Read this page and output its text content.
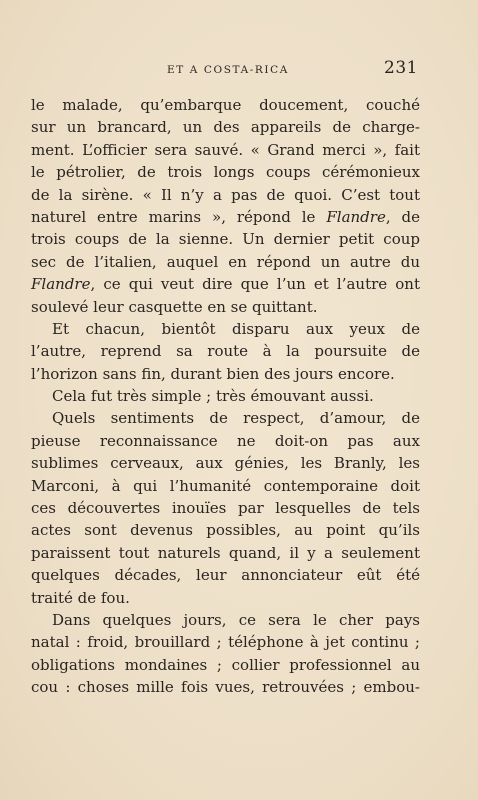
ET A COSTA-RICA	231
le malade, qu’embarque doucement, couché
sur un brancard, un des appareils de charge-
ment. L’officier sera sauvé. « Grand merci », fait
le pétrolier, de trois longs coups cérémonieux
de la sirène. « Il n’y a pas de quoi. C’est tout
naturel entre marins », répond le Flandre, de
trois coups de la sienne. Un dernier petit coup
sec de l’italien, auquel en répond un autre du
Flandre, ce qui veut dire que l’un et l’autre ont
soulevé leur casquette en se quittant.
Et chacun, bientôt disparu aux yeux de
l’autre, reprend sa route à la poursuite de
l’horizon sans fin, durant bien des jours encore.
Cela fut très simple ; très émouvant aussi.
Quels sentiments de respect, d’amour, de
pieuse reconnaissance ne doit-on pas aux
sublimes cerveaux, aux génies, les Branly, les
Marconi, à qui l’humanité contemporaine doit
ces découvertes inouïes par lesquelles de tels
actes sont devenus possibles, au point qu’ils
paraissent tout naturels quand, il y a seulement
quelques décades, leur annonciateur eût été
traité de fou.
Dans quelques jours, ce sera le cher pays
natal : froid, brouillard ; téléphone à jet continu ;
obligations mondaines ; collier professionnel au
cou : choses mille fois vues, retrouvées ; embou-
